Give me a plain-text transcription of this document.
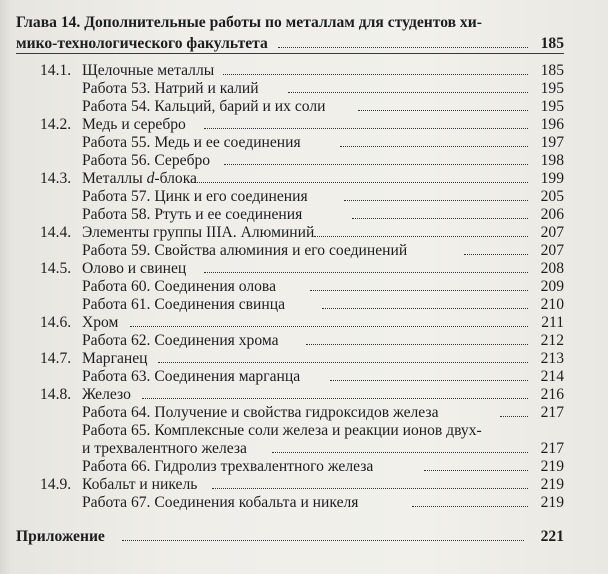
Глава 14. Дополнительные работы по металлам для студентов хи-
мико-технологического факультета	185
14.1. Щелочные металлы	185
Работа 53. Натрий и калий	195
Работа 54. Кальций, барий и их соли	195
14.2. Медь и серебро	196
Работа 55. Медь и ее соединения	197
Работа 56. Серебро	198
14.3. Металлы d-блока	199
Работа 57. Цинк и его соединения	205
Работа 58. Ртуть и ее соединения	206
14.4. Элементы группы IIIA. Алюминий	207
Работа 59. Свойства алюминия и его соединений	207
14.5. Олово и свинец	208
Работа 60. Соединения олова	209
Работа 61. Соединения свинца	210
14.6. Хром	211
Работа 62. Соединения хрома	212
14.7. Марганец	213
Работа 63. Соединения марганца	214
14.8. Железо	216
Работа 64. Получение и свойства гидроксидов железа	217
Работа 65. Комплексные соли железа и реакции ионов двух-
и трехвалентного железа	217
Работа 66. Гидролиз трехвалентного железа	219
14.9. Кобальт и никель	219
Работа 67. Соединения кобальта и никеля	219
Приложение	221
